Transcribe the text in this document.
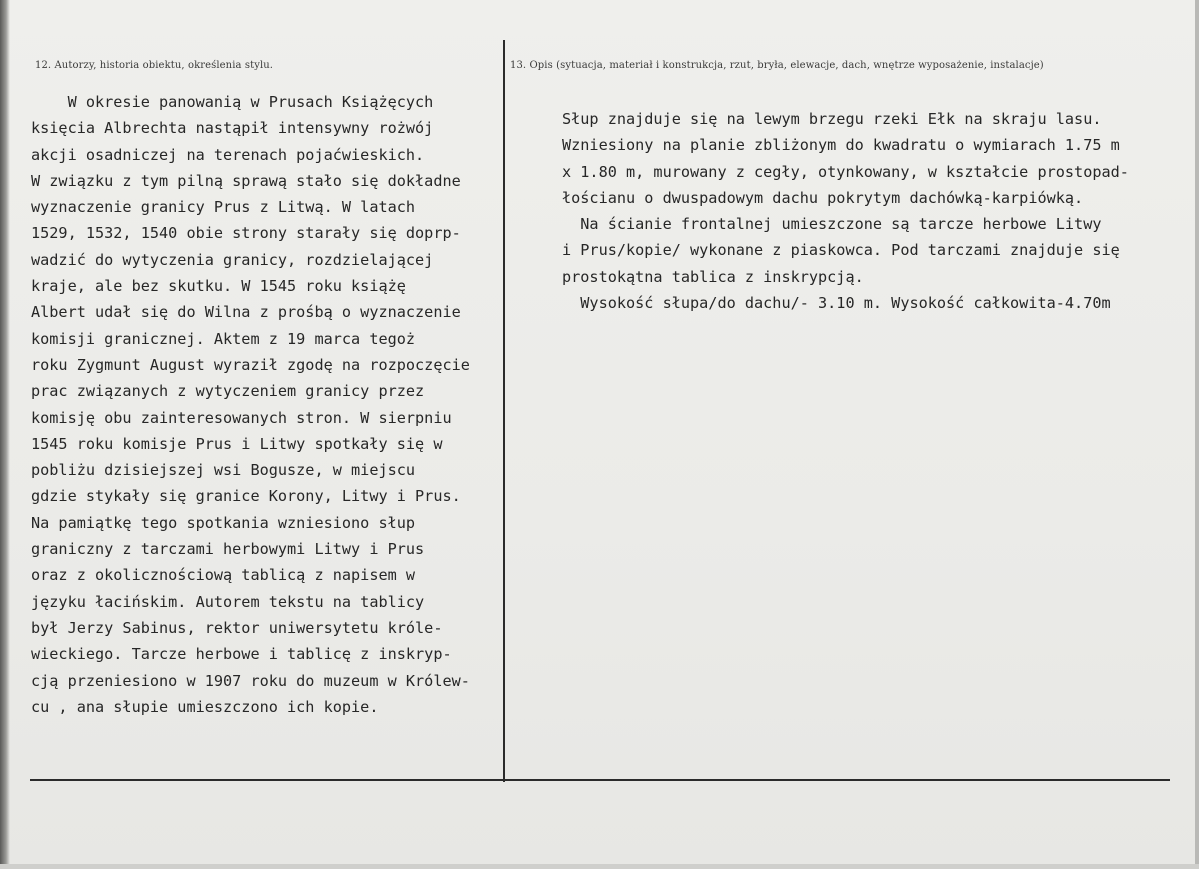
12. Autorzy, historia obiektu, określenia stylu.	13. Opis (sytuacja, materiał i konstrukcja, rzut, bryła, elewacje, dach, wnętrze wyposażenie, instalacje)
W okresie panowanią w Prusach Książęcych
księcia Albrechta nastąpił intensywny rożwój
akcji osadniczej na terenach pojaćwieskich.
W związku z tym pilną sprawą stało się dokładne
wyznaczenie granicy Prus z Litwą. W latach
1529, 1532, 1540 obie strony starały się doprp-
wadzić do wytyczenia granicy, rozdzielającej
kraje, ale bez skutku. W 1545 roku książę
Albert udał się do Wilna z prośbą o wyznaczenie
komisji granicznej. Aktem z 19 marca tegoż
roku Zygmunt August wyraził zgodę na rozpoczęcie
prac związanych z wytyczeniem granicy przez
komisję obu zainteresowanych stron. W sierpniu
1545 roku komisje Prus i Litwy spotkały się w
pobliżu dzisiejszej wsi Bogusze, w miejscu
gdzie stykały się granice Korony, Litwy i Prus.
Na pamiątkę tego spotkania wzniesiono słup
graniczny z tarczami herbowymi Litwy i Prus
oraz z okolicznościową tablicą z napisem w
języku łacińskim. Autorem tekstu na tablicy
był Jerzy Sabinus, rektor uniwersytetu króle-
wieckiego. Tarcze herbowe i tablicę z inskryp-
cją przeniesiono w 1907 roku do muzeum w Królew-
cu , ana słupie umieszczono ich kopie.
Słup znajduje się na lewym brzegu rzeki Ełk na skraju lasu.
Wzniesiony na planie zbliżonym do kwadratu o wymiarach 1.75 m
x 1.80 m, murowany z cegły, otynkowany, w kształcie prostopad-
łościanu o dwuspadowym dachu pokrytym dachówką-karpiówką.
Na ścianie frontalnej umieszczone są tarcze herbowe Litwy
i Prus/kopie/ wykonane z piaskowca. Pod tarczami znajduje się
prostokątna tablica z inskrypcją.
Wysokość słupa/do dachu/- 3.10 m. Wysokość całkowita-4.70m
